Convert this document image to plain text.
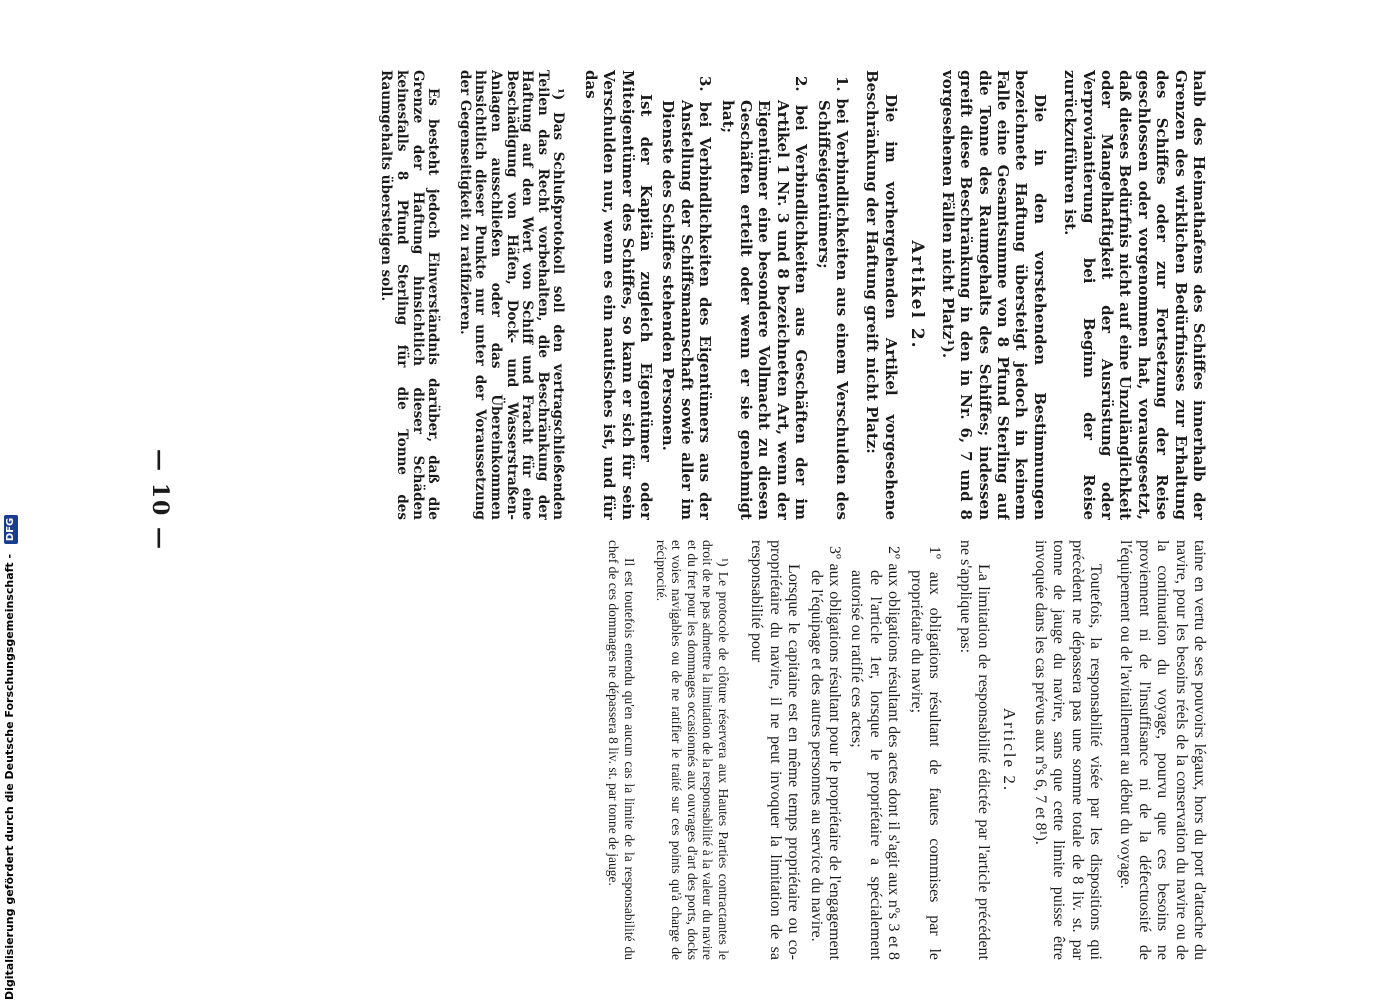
— 10 —	halb des Heimathafens des Schiffes innerhalb der Grenzen des wirklichen Bedürfnisses zur Erhaltung des Schiffes oder zur Fortsetzung der Reise geschlossen oder vorgenommen hat, vorausgesetzt, daß dieses Bedürfnis nicht auf eine Unzulänglichkeit oder Mangelhaftigkeit der Ausrüstung oder Verproviantierung bei Beginn der Reise zurückzuführen ist.

Die in den vorstehenden Bestimmungen bezeichnete Haftung übersteigt jedoch in keinem Falle eine Gesamtsumme von 8 Pfund Sterling auf die Tonne des Raumgehalts des Schiffes; indessen greift diese Beschränkung in den in Nr. 6, 7 und 8 vorgesehenen Fällen nicht Platz¹).

Artikel 2.

Die im vorhergehenden Artikel vorgesehene Beschränkung der Haftung greift nicht Platz:

1. bei Verbindlichkeiten aus einem Verschulden des Schiffseigentümers;

2. bei Verbindlichkeiten aus Geschäften der im Artikel 1 Nr. 3 und 8 bezeichneten Art, wenn der Eigentümer eine besondere Vollmacht zu diesen Geschäften erteilt oder wenn er sie genehmigt hat;

3. bei Verbindlichkeiten des Eigentümers aus der Anstellung der Schiffsmannschaft sowie aller im Dienste des Schiffes stehenden Personen.

Ist der Kapitän zugleich Eigentümer oder Miteigentümer des Schiffes, so kann er sich für sein Verschulden nur, wenn es ein nautisches ist, und für das

¹) Das Schlußprotokoll soll den vertragschließenden Teilen das Recht vorbehalten, die Beschränkung der Haftung auf den Wert von Schiff und Fracht für eine Beschädigung von Häfen, Dock- und Wasserstraßen-Anlagen ausschließen oder das Übereinkommen hinsichtlich dieser Punkte nur unter der Voraussetzung der Gegenseitigkeit zu ratifizieren.

Es besteht jedoch Einverständnis darüber, daß die Grenze der Haftung hinsichtlich dieser Schäden keinesfalls 8 Pfund Sterling für die Tonne des Raumgehalts übersteigen soll.

taine en vertu de ses pouvoirs légaux, hors du port d'attache du navire, pour les besoins réels de la conservation du navire ou de la continuation du voyage, pourvu que ces besoins ne proviennent ni de l'insuffisance ni de la défectuosité de l'équipement ou de l'avitaillement au début du voyage.

Toutefois, la responsabilité visée par les dispositions qui précèdent ne dépassera pas une somme totale de 8 liv. st. par tonne de jauge du navire, sans que cette limite puisse être invoquée dans les cas prévus aux nºs 6, 7 et 8¹).

Article 2.

La limitation de responsabilité édictée par l'article précédent ne s'applique pas:

1º aux obligations résultant de fautes commises par le propriétaire du navire;

2º aux obligations résultant des actes dont il s'agit aux nºs 3 et 8 de l'article 1er, lorsque le propriétaire a spécialement autorisé ou ratifié ces actes;

3º aux obligations résultant pour le propriétaire de l'engagement de l'équipage et des autres personnes au service du navire.

Lorsque le capitaine est en même temps propriétaire ou co-propriétaire du navire, il ne peut invoquer la limitation de sa responsabilité pour

¹) Le protocole de clôture réservera aux Hautes Parties contractantes le droit de ne pas admettre la limitation de la responsabilité à la valeur du navire et du fret pour les dommages occasionnés aux ouvrages d'art des ports, docks et voies navigables ou de ne ratifier le traité sur ces points qu'à charge de réciprocité.

Il est toutefois entendu qu'en aucun cas la limite de la responsabilité du chef de ces dommages ne dépassera 8 liv. st. par tonne de jauge.

Digitalisierung gefördert durch die Deutsche Forschungsgemeinschaft - DFG
